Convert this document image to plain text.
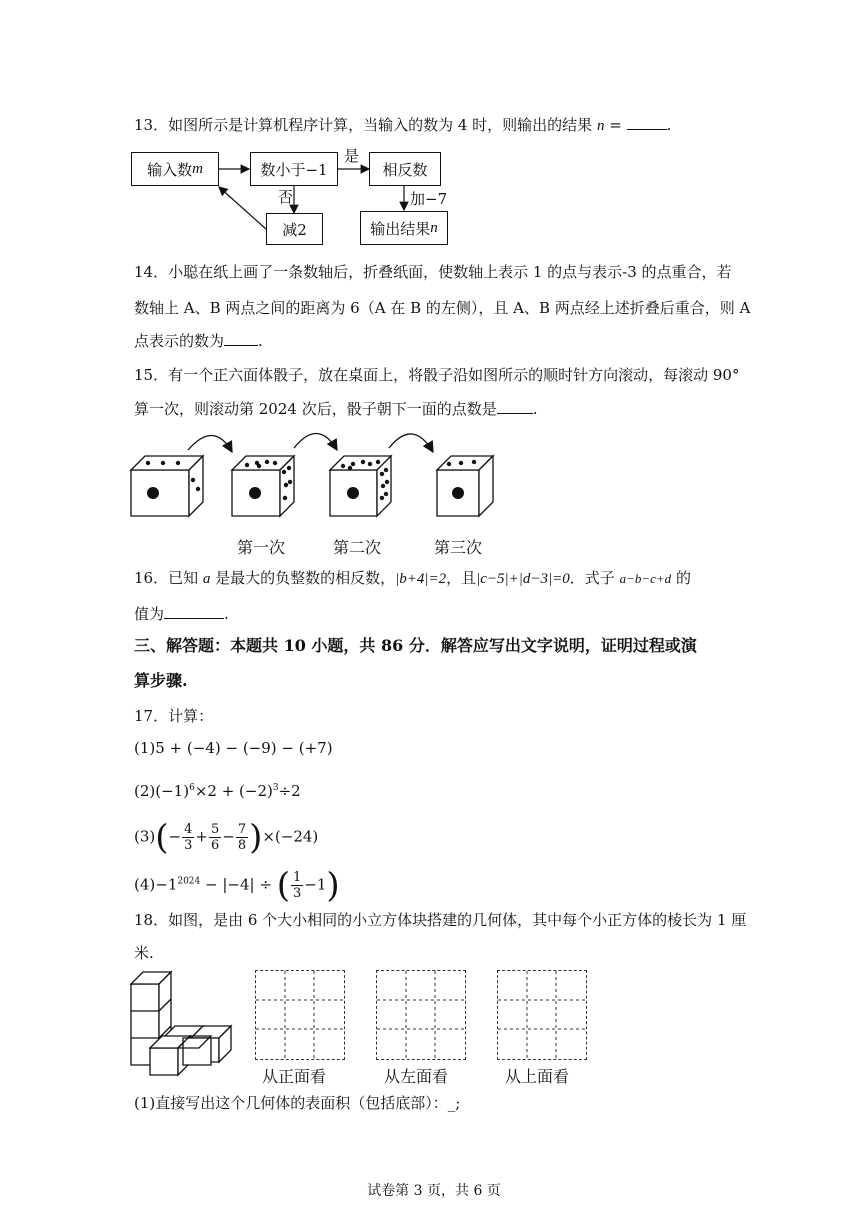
13．如图所示是计算机程序计算，当输入的数为 4 时，则输出的结果 n =	.
输入数 m	数小于−1	相反数
减2	输出结果 n
是
否	加−7
14．小聪在纸上画了一条数轴后，折叠纸面，使数轴上表示 1 的点与表示-3 的点重合，若
数轴上 A、B 两点之间的距离为 6（A 在 B 的左侧），且 A、B 两点经上述折叠后重合，则 A
点表示的数为 .
15．有一个正六面体骰子，放在桌面上，将骰子沿如图所示的顺时针方向滚动，每滚动 90°
算一次，则滚动第 2024 次后，骰子朝下一面的点数是 .
第一次	第二次	第三次
16．已知 a 是最大的负整数的相反数，|b+4|=2，且|c−5|+|d−3|=0．式子 a−b−c+d 的
值为	.
三、解答题：本题共 10 小题，共 86 分．解答应写出文字说明，证明过程或演
算步骤.
17．计算：
(1)5 + (−4) − (−9) − (+7)
$(2)(-1)^6\times 2 + (-2)^3\div 2$
$(3)(- \frac{4}{3} + \frac{5}{6} - \frac{7}{8} )\times(-24)$
$(4)-1^{2024} - |-4|$ ÷ ( $\frac{1}{3} -1$)
18．如图，是由 6 个大小相同的小立方体块搭建的几何体，其中每个小正方体的棱长为 1 厘
米.
从正面看	从左面看	从上面看
(1)直接写出这个几何体的表面积（包括底部）：_;
试卷第 3 页，共 6 页
